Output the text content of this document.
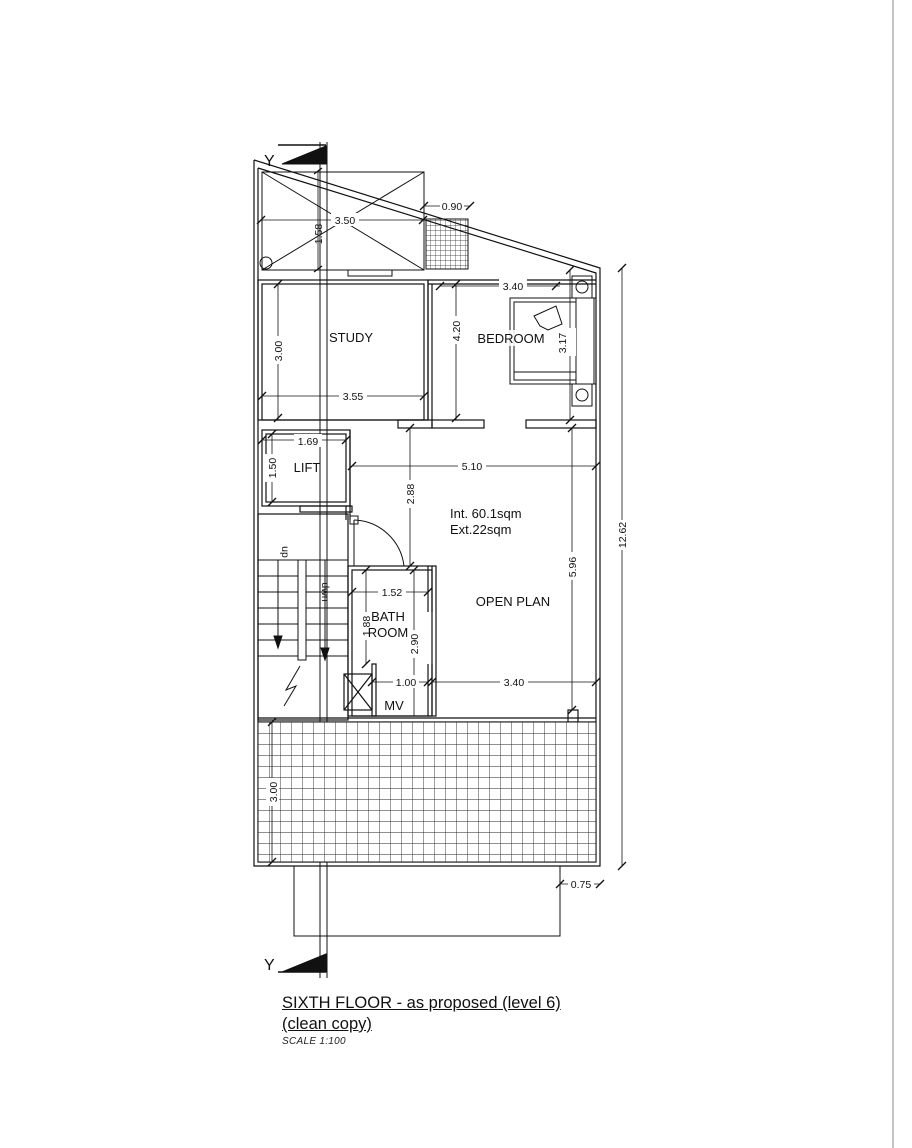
0.90
3.50
1.58
3.40
3.00
4.20
3.17
3.55
1.69
1.50	5.10
2.88
5.96
1.52
1.88
2.90
1.00	3.40
3.00
12.62
0.75
STUDY	BEDROOM
LIFT
BATH
ROOM
OPEN PLAN
MV
up
dwn
Int. 60.1sqm
Ext.22sqm
Y
Y
SIXTH FLOOR - as proposed (level 6)
(clean copy)
SCALE 1:100
